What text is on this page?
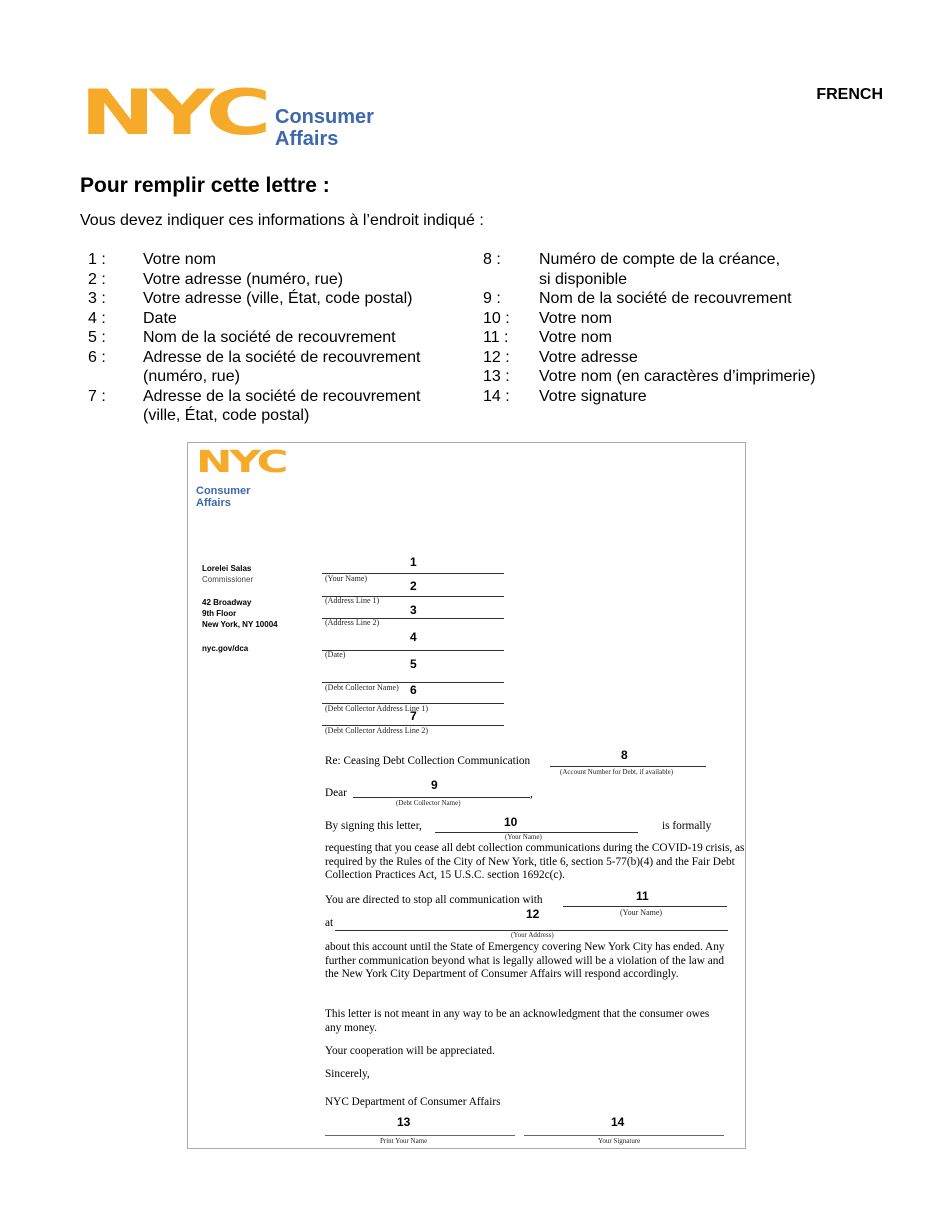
FRENCH
NYC Consumer
Affairs
Pour remplir cette lettre :
Vous devez indiquer ces informations à l’endroit indiqué :
1 :	Votre nom
2 :	Votre adresse (numéro, rue)
3 :	Votre adresse (ville, État, code postal)
4 :	Date
5 :	Nom de la société de recouvrement
6 :	Adresse de la société de recouvrement
(numéro, rue)
7 :	Adresse de la société de recouvrement
(ville, État, code postal)
8 :	Numéro de compte de la créance,
si disponible
9 :	Nom de la société de recouvrement
10 :	Votre nom
11 :	Votre nom
12 :	Votre adresse
13 :	Votre nom (en caractères d’imprimerie)
14 :	Votre signature
NYC
Consumer
Affairs
Lorelei Salas
Commissioner
42 Broadway
9th Floor
New York, NY 10004
nyc.gov/dca
1
(Your Name)
2
(Address Line 1)
3
(Address Line 2)
4
(Date)
5
(Debt Collector Name) 6
(Debt Collector Address Line 1)
7
(Debt Collector Address Line 2)
Re: Ceasing Debt Collection Communication	8
(Account Number for Debt, if available)
9
Dear	,
(Debt Collector Name)
By signing this letter,	10	is formally
(Your Name)
requesting that you cease all debt collection communications during the COVID-19 crisis, as required by the Rules of the City of New York, title 6, section 5-77(b)(4) and the Fair Debt Collection Practices Act, 15 U.S.C. section 1692c(c).
You are directed to stop all communication with	11
(Your Name)
12
at
(Your Address)
about this account until the State of Emergency covering New York City has ended. Any further communication beyond what is legally allowed will be a violation of the law and the New York City Department of Consumer Affairs will respond accordingly.
This letter is not meant in any way to be an acknowledgment that the consumer owes any money.
Your cooperation will be appreciated.
Sincerely,
NYC Department of Consumer Affairs
13
Print Your Name
14
Your Signature
